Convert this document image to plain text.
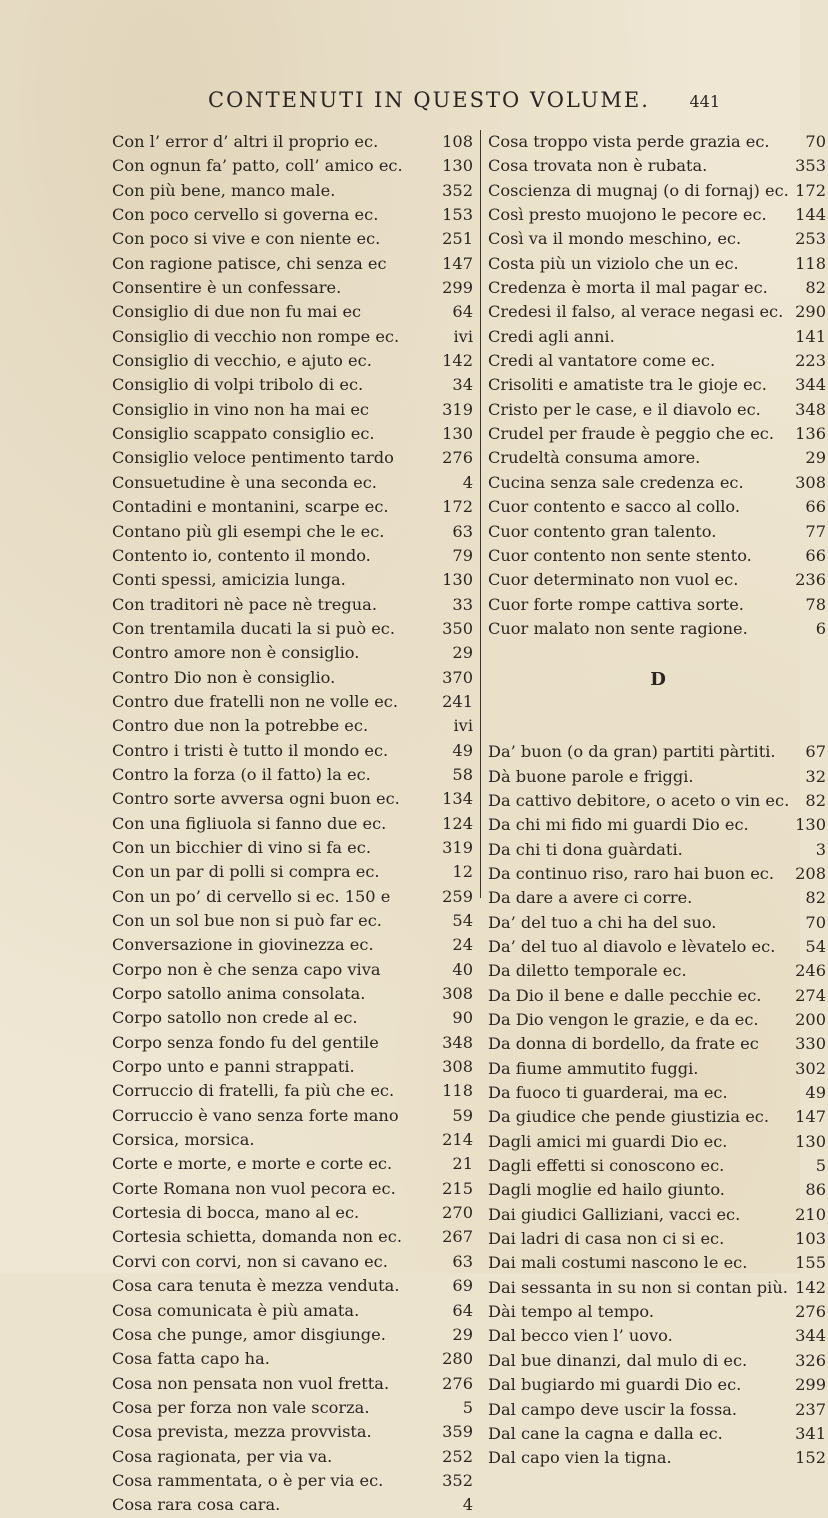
CONTENUTI IN QUESTO VOLUME. 441
Con l’ error d’ altri il proprio ec.	108
Con ognun fa’ patto, coll’ amico ec. 130
Con più bene, manco male.	352
Con poco cervello si governa ec.	153
Con poco si vive e con niente ec.	251
Con ragione patisce, chi senza ec	147
Consentire è un confessare.	299
Consiglio di due non fu mai ec	64
Consiglio di vecchio non rompe ec.	ivi
Consiglio di vecchio, e ajuto ec.	142
Consiglio di volpi tribolo di ec.	34
Consiglio in vino non ha mai ec	319
Consiglio scappato consiglio ec.	130
Consiglio veloce pentimento tardo	276
Consuetudine è una seconda ec.	4
Contadini e montanini, scarpe ec.	172
Contano più gli esempi che le ec.	63
Contento io, contento il mondo.	79
Conti spessi, amicizia lunga.	130
Con traditori nè pace nè tregua.	33
Con trentamila ducati la si può ec.	350
Contro amore non è consiglio.	29
Contro Dio non è consiglio.	370
Contro due fratelli non ne volle ec.	241
Contro due non la potrebbe ec.	ivi
Contro i tristi è tutto il mondo ec.	49
Contro la forza (o il fatto) la ec.	58
Contro sorte avversa ogni buon ec.	134
Con una figliuola si fanno due ec.	124
Con un bicchier di vino si fa ec.	319
Con un par di polli si compra ec.	12
Con un po’ di cervello si ec. 150 e	259
Con un sol bue non si può far ec.	54
Conversazione in giovinezza ec.	24
Corpo non è che senza capo viva	40
Corpo satollo anima consolata.	308
Corpo satollo non crede al ec.	90
Corpo senza fondo fu del gentile	348
Corpo unto e panni strappati.	308
Corruccio di fratelli, fa più che ec.	118
Corruccio è vano senza forte mano	59
Corsica, morsica.	214
Corte e morte, e morte e corte ec.	21
Corte Romana non vuol pecora ec.	215
Cortesia di bocca, mano al ec.	270
Cortesia schietta, domanda non ec. 267
Corvi con corvi, non si cavano ec.	63
Cosa cara tenuta è mezza venduta.	69
Cosa comunicata è più amata.	64
Cosa che punge, amor disgiunge.	29
Cosa fatta capo ha.	280
Cosa non pensata non vuol fretta.	276
Cosa per forza non vale scorza.	5
Cosa prevista, mezza provvista.	359
Cosa ragionata, per via va.	252
Cosa rammentata, o è per via ec.	352
Cosa rara cosa cara.	4
Cosa troppo vista perde grazia ec. 70
Cosa trovata non è rubata.	353
Coscienza di mugnaj (o di fornaj) ec. 172
Così presto muojono le pecore ec. 144
Così va il mondo meschino, ec.	253
Costa più un viziolo che un ec.	118
Credenza è morta il mal pagar ec. 82
Credesi il falso, al verace negasi ec. 290
Credi agli anni.	141
Credi al vantatore come ec.	223
Crisoliti e amatiste tra le gioje ec. 344
Cristo per le case, e il diavolo ec. 348
Crudel per fraude è peggio che ec. 136
Crudeltà consuma amore.	29
Cucina senza sale credenza ec.	308
Cuor contento e sacco al collo.	66
Cuor contento gran talento.	77
Cuor contento non sente stento.	66
Cuor determinato non vuol ec.	236
Cuor forte rompe cattiva sorte.	78
Cuor malato non sente ragione.	6
D
Da’ buon (o da gran) partiti pàrtiti. 67
Dà buone parole e friggi.	32
Da cattivo debitore, o aceto o vin ec. 82
Da chi mi fido mi guardi Dio ec.	130
Da chi ti dona guàrdati.	3
Da continuo riso, raro hai buon ec. 208
Da dare a avere ci corre.	82
Da’ del tuo a chi ha del suo.	70
Da’ del tuo al diavolo e lèvatelo ec. 54
Da diletto temporale ec.	246
Da Dio il bene e dalle pecchie ec. 274
Da Dio vengon le grazie, e da ec. 200
Da donna di bordello, da frate ec 330
Da fiume ammutito fuggi.	302
Da fuoco ti guarderai, ma ec.	49
Da giudice che pende giustizia ec. 147
Dagli amici mi guardi Dio ec.	130
Dagli effetti si conoscono ec.	5
Dagli moglie ed hailo giunto.	86
Dai giudici Galliziani, vacci ec.	210
Dai ladri di casa non ci si ec.	103
Dai mali costumi nascono le ec.	155
Dai sessanta in su non si contan più. 142
Dài tempo al tempo.	276
Dal becco vien l’ uovo.	344
Dal bue dinanzi, dal mulo di ec.	326
Dal bugiardo mi guardi Dio ec.	299
Dal campo deve uscir la fossa.	237
Dal cane la cagna e dalla ec.	341
Dal capo vien la tigna.	152
